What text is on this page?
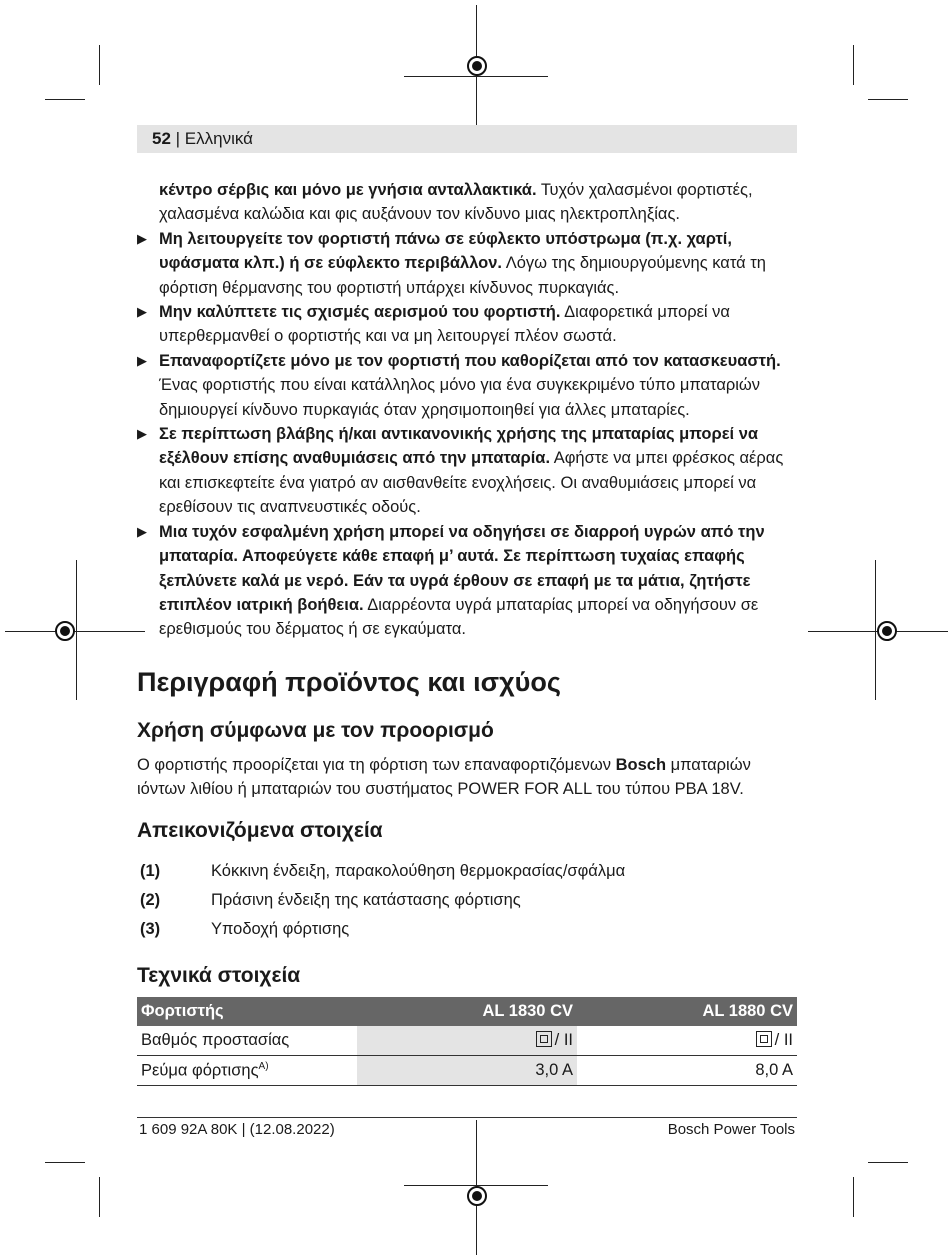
52 | Ελληνικά

κέντρο σέρβις και μόνο με γνήσια ανταλλακτικά. Τυχόν χαλασμένοι φορτιστές, χαλασμένα καλώδια και φις αυξάνουν τον κίνδυνο μιας ηλεκτροπληξίας.

▶ Μη λειτουργείτε τον φορτιστή πάνω σε εύφλεκτο υπόστρωμα (π.χ. χαρτί, υφάσματα κλπ.) ή σε εύφλεκτο περιβάλλον. Λόγω της δημιουργούμενης κατά τη φόρτιση θέρμανσης του φορτιστή υπάρχει κίνδυνος πυρκαγιάς.
▶ Μην καλύπτετε τις σχισμές αερισμού του φορτιστή. Διαφορετικά μπορεί να υπερθερμανθεί ο φορτιστής και να μη λειτουργεί πλέον σωστά.
▶ Επαναφορτίζετε μόνο με τον φορτιστή που καθορίζεται από τον κατασκευαστή. Ένας φορτιστής που είναι κατάλληλος μόνο για ένα συγκεκριμένο τύπο μπαταριών δημιουργεί κίνδυνο πυρκαγιάς όταν χρησιμοποιηθεί για άλλες μπαταρίες.
▶ Σε περίπτωση βλάβης ή/και αντικανονικής χρήσης της μπαταρίας μπορεί να εξέλθουν επίσης αναθυμιάσεις από την μπαταρία. Αφήστε να μπει φρέσκος αέρας και επισκεφτείτε ένα γιατρό αν αισθανθείτε ενοχλήσεις. Οι αναθυμιάσεις μπορεί να ερεθίσουν τις αναπνευστικές οδούς.
▶ Μια τυχόν εσφαλμένη χρήση μπορεί να οδηγήσει σε διαρροή υγρών από την μπαταρία. Αποφεύγετε κάθε επαφή μ’ αυτά. Σε περίπτωση τυχαίας επαφής ξεπλύνετε καλά με νερό. Εάν τα υγρά έρθουν σε επαφή με τα μάτια, ζητήστε επιπλέον ιατρική βοήθεια. Διαρρέοντα υγρά μπαταρίας μπορεί να οδηγήσουν σε ερεθισμούς του δέρματος ή σε εγκαύματα.
Περιγραφή προϊόντος και ισχύος
Χρήση σύμφωνα με τον προορισμό
Ο φορτιστής προορίζεται για τη φόρτιση των επαναφορτιζόμενων Bosch μπαταριών ιόντων λιθίου ή μπαταριών του συστήματος POWER FOR ALL του τύπου PBA 18V.
Απεικονιζόμενα στοιχεία
(1)	Κόκκινη ένδειξη, παρακολούθηση θερμοκρασίας/σφάλμα
(2)	Πράσινη ένδειξη της κατάστασης φόρτισης
(3)	Υποδοχή φόρτισης
Τεχνικά στοιχεία
Φορτιστής	AL 1830 CV	AL 1880 CV
Βαθμός προστασίας	/ II	/ II
Ρεύμα φόρτισης$^{A)}$	3,0 A	8,0 A
1 609 92A 80K | (12.08.2022)	Bosch Power Tools
